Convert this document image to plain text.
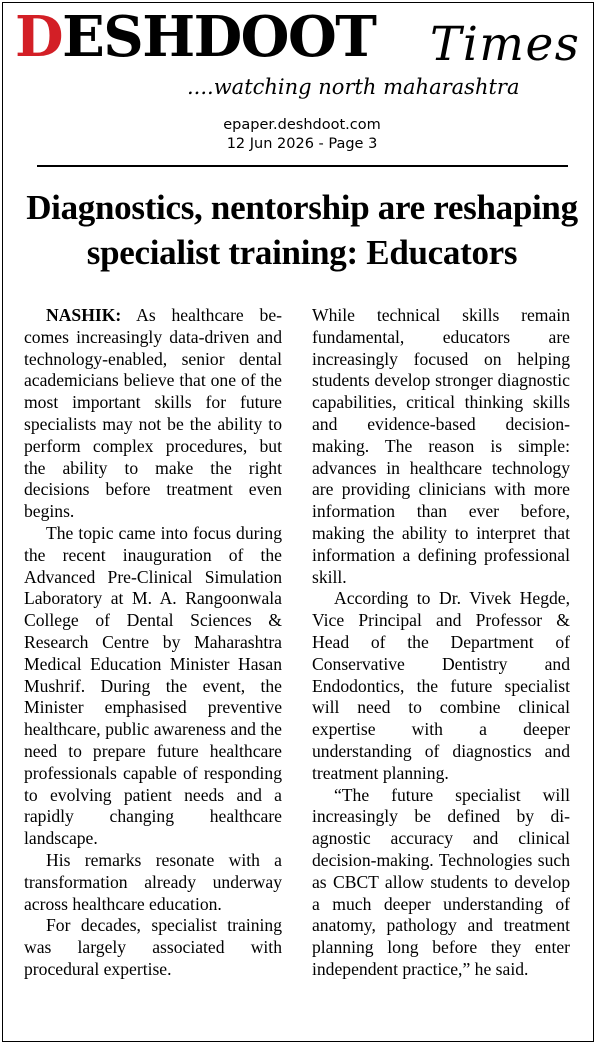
DESHDOOT Times
....watching north maharashtra
epaper.deshdoot.com
12 Jun 2026 - Page 3
Diagnostics, nentorship are reshaping
specialist training: Educators

NASHIK: As healthcare becomes increasingly data-driven and technology-enabled, senior dental academicians believe that one of the most important skills for future specialists may not be the ability to perform complex procedures, but the ability to make the right decisions before treatment even begins.

The topic came into focus during the recent inauguration of the Advanced Pre-Clinical Simulation Laboratory at M. A. Rangoonwala College of Dental Sciences & Research Centre by Maharashtra Medical Education Minister Hasan Mushrif. During the event, the Minister emphasised preventive healthcare, public awareness and the need to prepare future healthcare professionals capable of responding to evolving patient needs and a rapidly changing healthcare landscape.

His remarks resonate with a transformation already underway across healthcare education.

For decades, specialist training was largely associated with procedural expertise.

While technical skills remain fundamental, educators are increasingly focused on helping students develop stronger diagnostic capabilities, critical thinking skills and evidence-based decision-making. The reason is simple: advances in healthcare technology are providing clinicians with more information than ever before, making the ability to interpret that information a defining professional skill.

According to Dr. Vivek Hegde, Vice Principal and Professor & Head of the Department of Conservative Dentistry and Endodontics, the future specialist will need to combine clinical expertise with a deeper understanding of diagnostics and treatment planning.

“The future specialist will increasingly be defined by diagnostic accuracy and clinical decision-making. Technologies such as CBCT allow students to develop a much deeper understanding of anatomy, pathology and treatment planning long before they enter independent practice,” he said.
